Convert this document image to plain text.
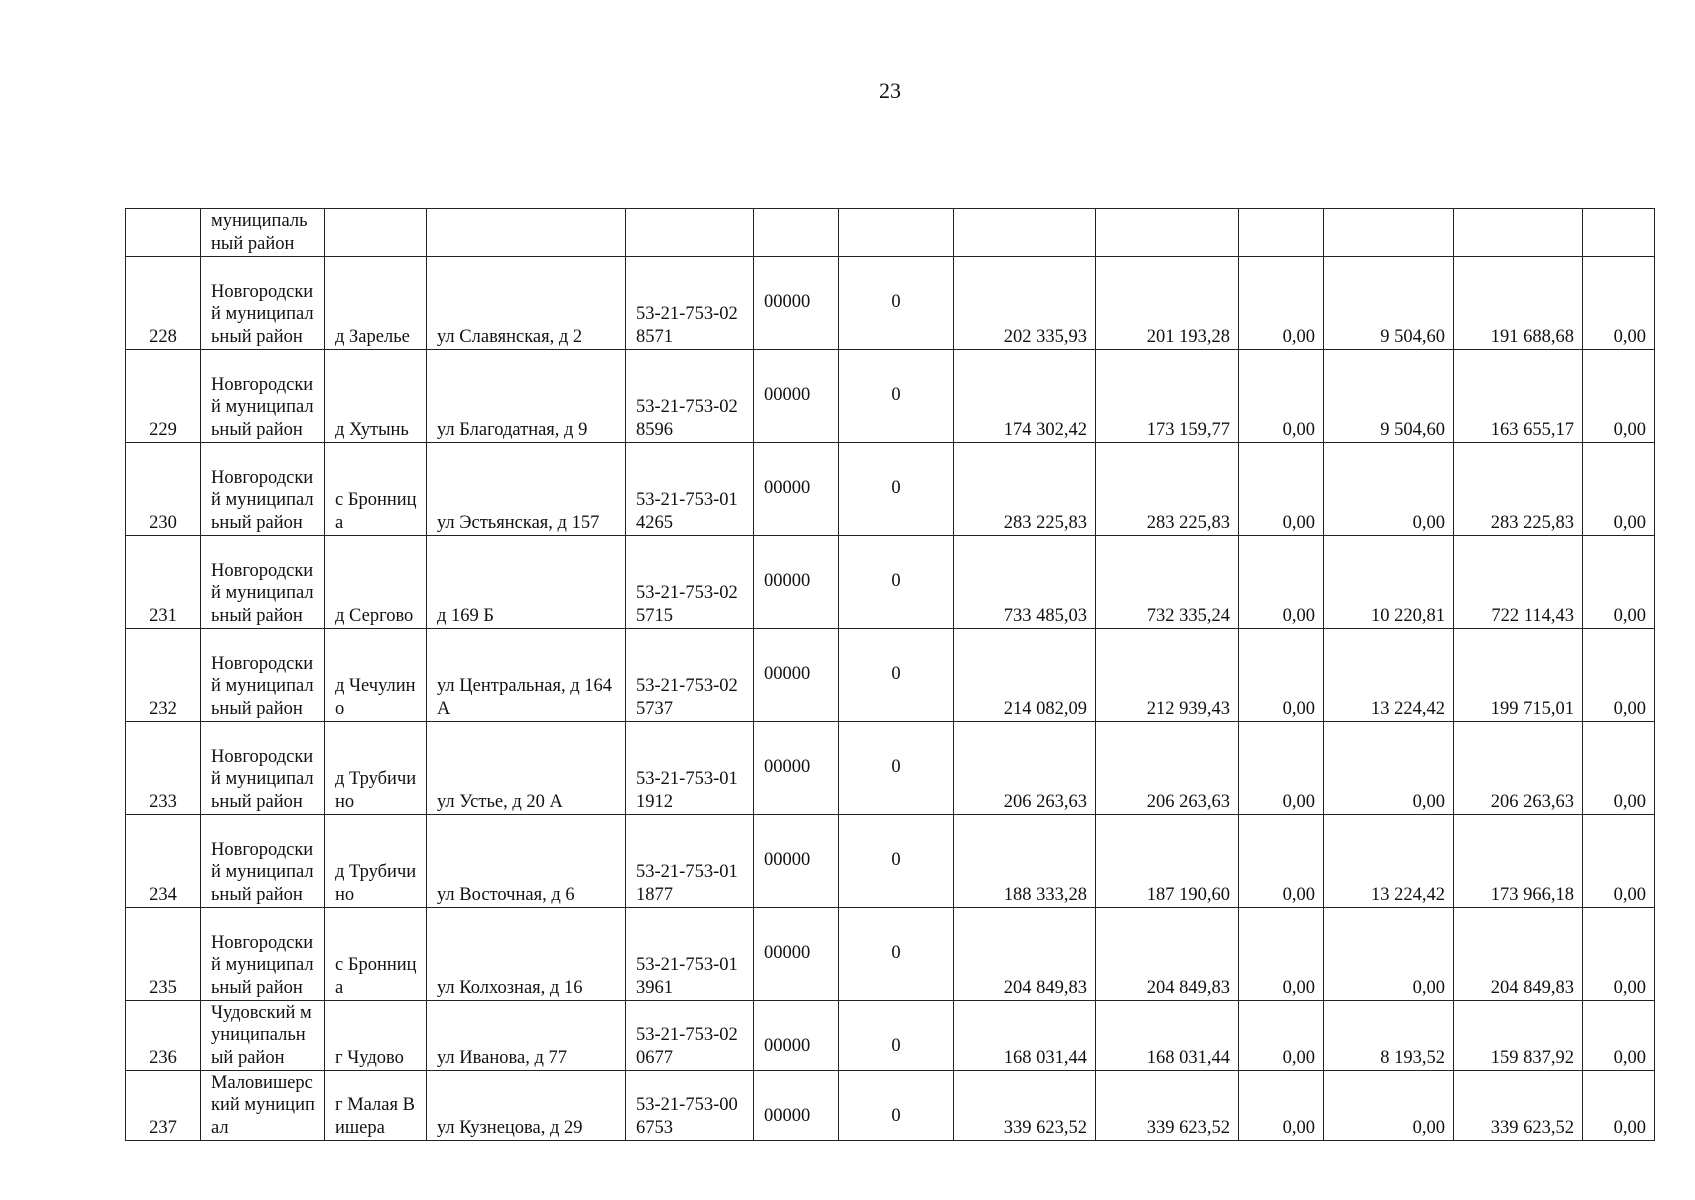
23
	муниципальный район											
228	Новгородский муниципальный район	д Зарелье	ул Славянская, д 2	53-21-753-028571	00000	0	202 335,93	201 193,28	0,00	9 504,60	191 688,68	0,00
229	Новгородский муниципальный район	д Хутынь	ул Благодатная, д 9	53-21-753-028596	00000	0	174 302,42	173 159,77	0,00	9 504,60	163 655,17	0,00
230	Новгородский муниципальный район	с Бронница	ул Эстьянская, д 157	53-21-753-014265	00000	0	283 225,83	283 225,83	0,00	0,00	283 225,83	0,00
231	Новгородский муниципальный район	д Сергово	д 169 Б	53-21-753-025715	00000	0	733 485,03	732 335,24	0,00	10 220,81	722 114,43	0,00
232	Новгородский муниципальный район	д Чечулино	ул Центральная, д 164 А	53-21-753-025737	00000	0	214 082,09	212 939,43	0,00	13 224,42	199 715,01	0,00
233	Новгородский муниципальный район	д Трубичино	ул Устье, д 20 А	53-21-753-011912	00000	0	206 263,63	206 263,63	0,00	0,00	206 263,63	0,00
234	Новгородский муниципальный район	д Трубичино	ул Восточная, д 6	53-21-753-011877	00000	0	188 333,28	187 190,60	0,00	13 224,42	173 966,18	0,00
235	Новгородский муниципальный район	с Бронница	ул Колхозная, д 16	53-21-753-013961	00000	0	204 849,83	204 849,83	0,00	0,00	204 849,83	0,00
236	Чудовский муниципальный район	г Чудово	ул Иванова, д 77	53-21-753-020677	00000	0	168 031,44	168 031,44	0,00	8 193,52	159 837,92	0,00
237	Маловишерский муниципал	г Малая Вишера	ул Кузнецова, д 29	53-21-753-006753	00000	0	339 623,52	339 623,52	0,00	0,00	339 623,52	0,00
